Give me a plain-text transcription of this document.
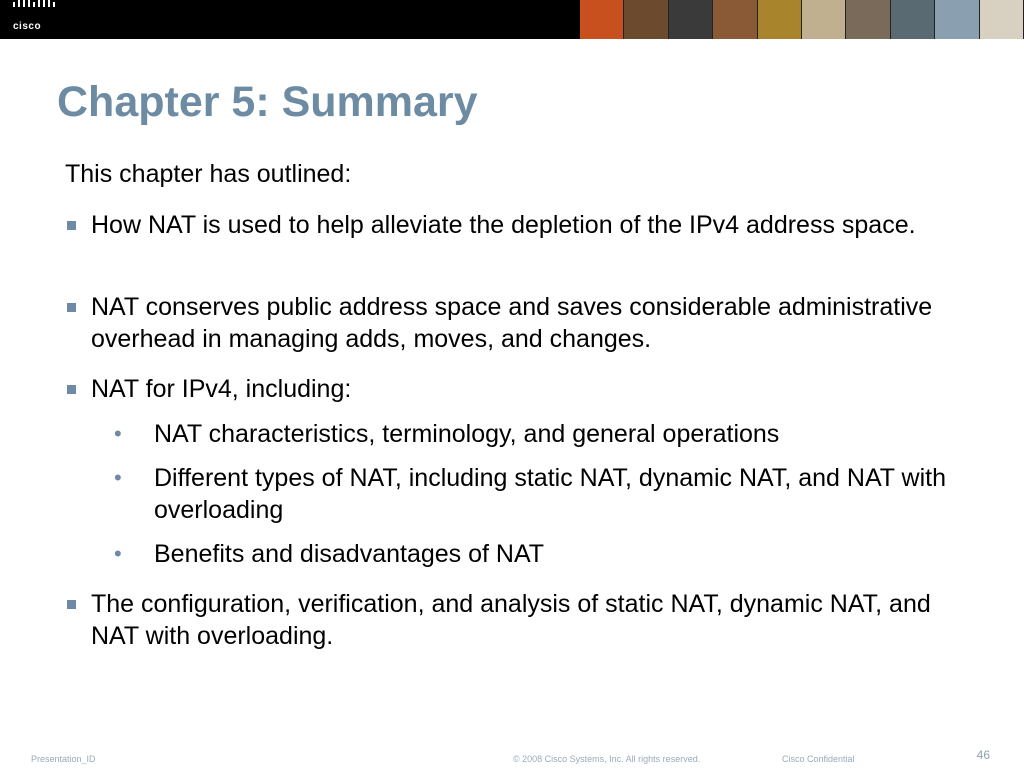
cisco
Chapter 5: Summary

This chapter has outlined:

How NAT is used to help alleviate the depletion of the IPv4 address space.
NAT conserves public address space and saves considerable administrative overhead in managing adds, moves, and changes.
NAT for IPv4, including:
• NAT characteristics, terminology, and general operations
• Different types of NAT, including static NAT, dynamic NAT, and NAT with overloading
• Benefits and disadvantages of NAT
The configuration, verification, and analysis of static NAT, dynamic NAT, and NAT with overloading.
Presentation_ID	© 2008 Cisco Systems, Inc. All rights reserved.	Cisco Confidential	46
